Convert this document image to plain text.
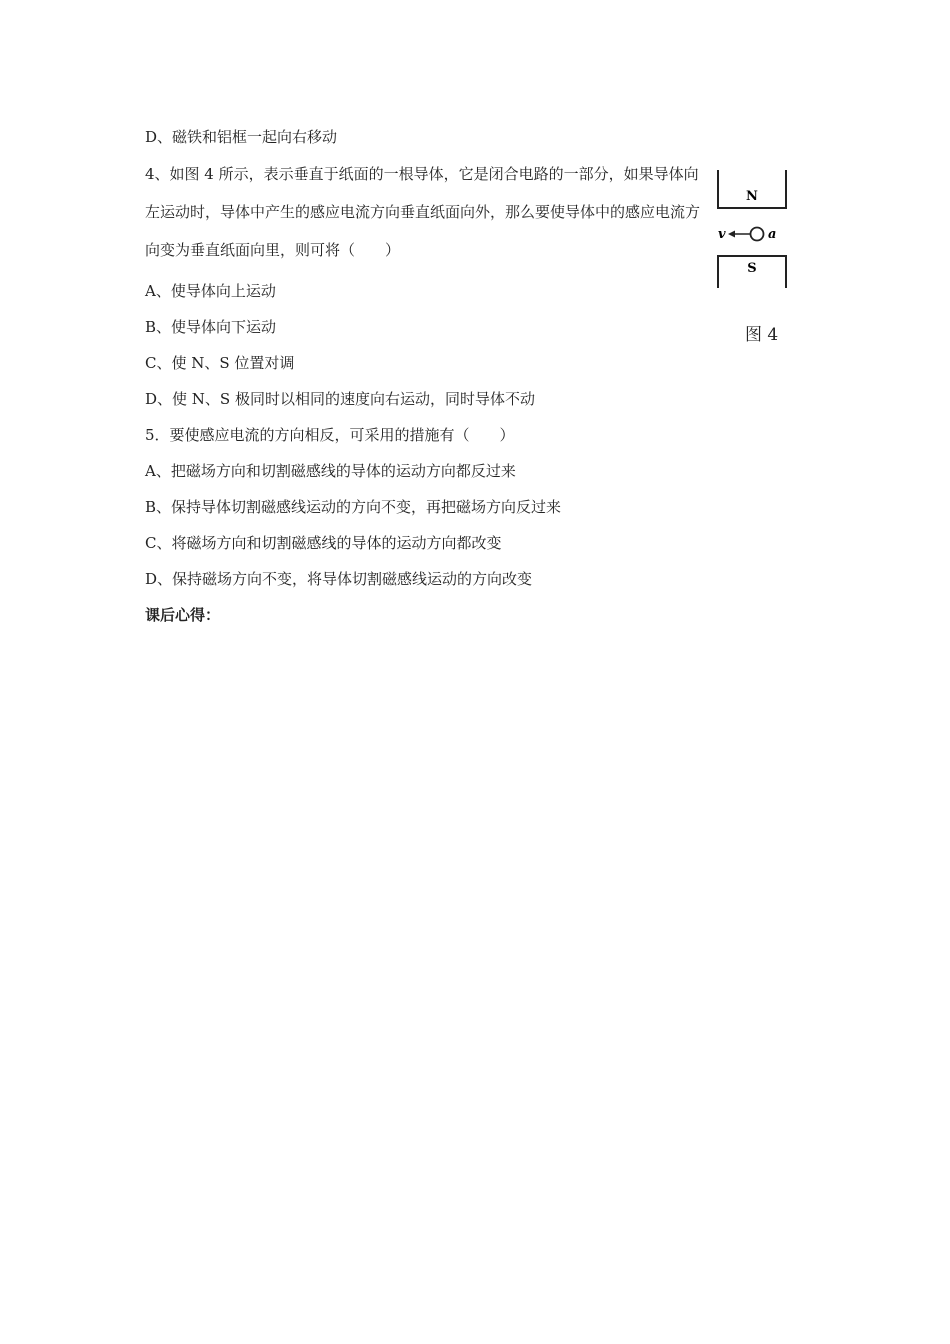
D、磁铁和铝框一起向右移动
4、如图 4 所示，表示垂直于纸面的一根导体，它是闭合电路的一部分，如果导体向左运动时，导体中产生的感应电流方向垂直纸面向外，那么要使导体中的感应电流方向变为垂直纸面向里，则可将（　　）
A、使导体向上运动
B、使导体向下运动
C、使 N、S 位置对调
D、使 N、S 极同时以相同的速度向右运动，同时导体不动
5．要使感应电流的方向相反，可采用的措施有（　　）
A、把磁场方向和切割磁感线的导体的运动方向都反过来
B、保持导体切割磁感线运动的方向不变，再把磁场方向反过来
C、将磁场方向和切割磁感线的导体的运动方向都改变
D、保持磁场方向不变，将导体切割磁感线运动的方向改变
课后心得：
N
S
v	a
图 4
